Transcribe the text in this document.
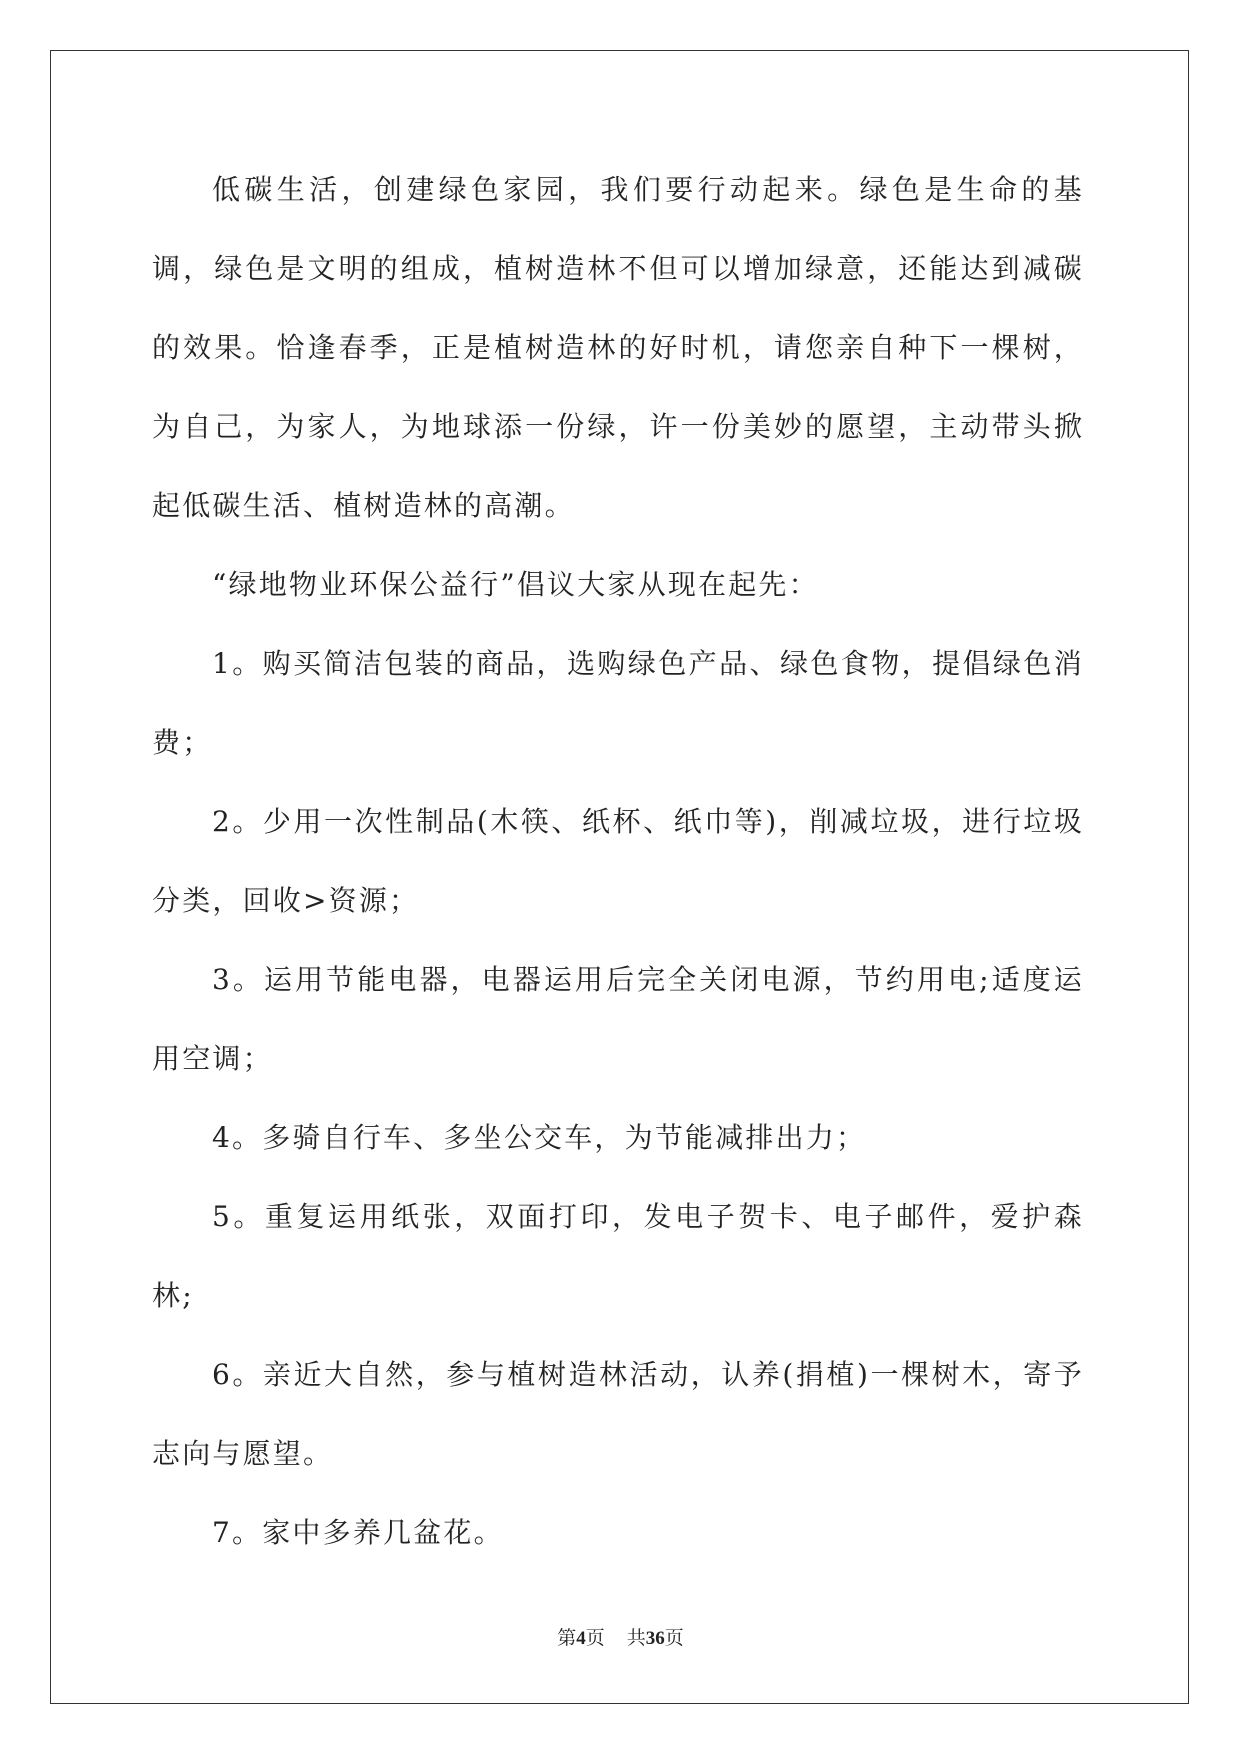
低碳生活，创建绿色家园，我们要行动起来。绿色是生命的基调，绿色是文明的组成，植树造林不但可以增加绿意，还能达到减碳的效果。恰逢春季，正是植树造林的好时机，请您亲自种下一棵树，为自己，为家人，为地球添一份绿，许一份美妙的愿望，主动带头掀起低碳生活、植树造林的高潮。

“绿地物业环保公益行”倡议大家从现在起先：

1。购买简洁包装的商品，选购绿色产品、绿色食物，提倡绿色消费；

2。少用一次性制品(木筷、纸杯、纸巾等)，削减垃圾，进行垃圾分类，回收>资源；

3。运用节能电器，电器运用后完全关闭电源，节约用电;适度运用空调；

4。多骑自行车、多坐公交车，为节能减排出力；

5。重复运用纸张，双面打印，发电子贺卡、电子邮件，爱护森林;

6。亲近大自然，参与植树造林活动，认养(捐植)一棵树木，寄予志向与愿望。

7。家中多养几盆花。

第4页 共36页
